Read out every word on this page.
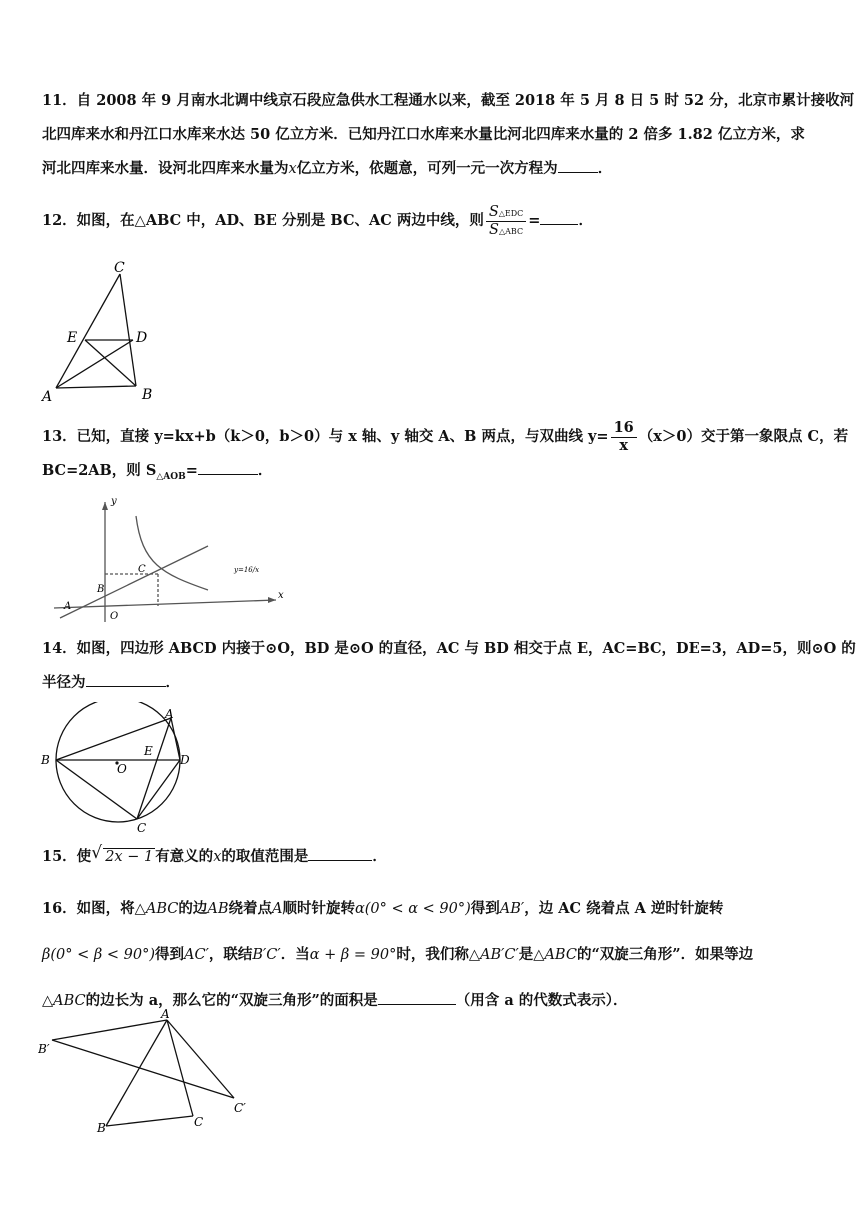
11．自 2008 年 9 月南水北调中线京石段应急供水工程通水以来，截至 2018 年 5 月 8 日 5 时 52 分，北京市累计接收河
北四库来水和丹江口水库来水达 50 亿立方米．已知丹江口水库来水量比河北四库来水量的 2 倍多 1.82 亿立方米，求
河北四库来水量．设河北四库来水量为x亿立方米，依题意，可列一元一次方程为	．
12．如图，在△ABC 中，AD、BE 分别是 BC、AC 两边中线，则 $\frac{\text{S△EDC}}{\text{S△ABC}}$ =	．
C
E	D
A	B
13．已知，直接 y=kx+b（k＞0，b＞0）与 x 轴、y 轴交 A、B 两点，与双曲线 $y= \frac{16}{x} (x>0)$交于第一象限点 C，若
BC=2AB，则 $S_{\triangle AOB}=$	．
y
x
O
A
B
C	y=16/x
14．如图，四边形 ABCD 内接于⊙O，BD 是⊙O 的直径，AC 与 BD 相交于点 E，AC=BC，DE=3，AD=5，则⊙O 的
半径为	．
A
B
C
D
E
O
15．使 √ 2x − 1 有意义的x的取值范围是	．
16．如图，将△ABC的边AB绕着点A顺时针旋转α(0° < α < 90°)得到AB′，边 AC 绕着点 A 逆时针旋转
β(0° < β < 90°)得到AC′，联结B′C′．当α + β = 90°时，我们称△AB′C′是△ABC的“双旋三角形”．如果等边
△ABC的边长为 a，那么它的“双旋三角形”的面积是	（用含 a 的代数式表示）．
A
B′
B	C
C′
